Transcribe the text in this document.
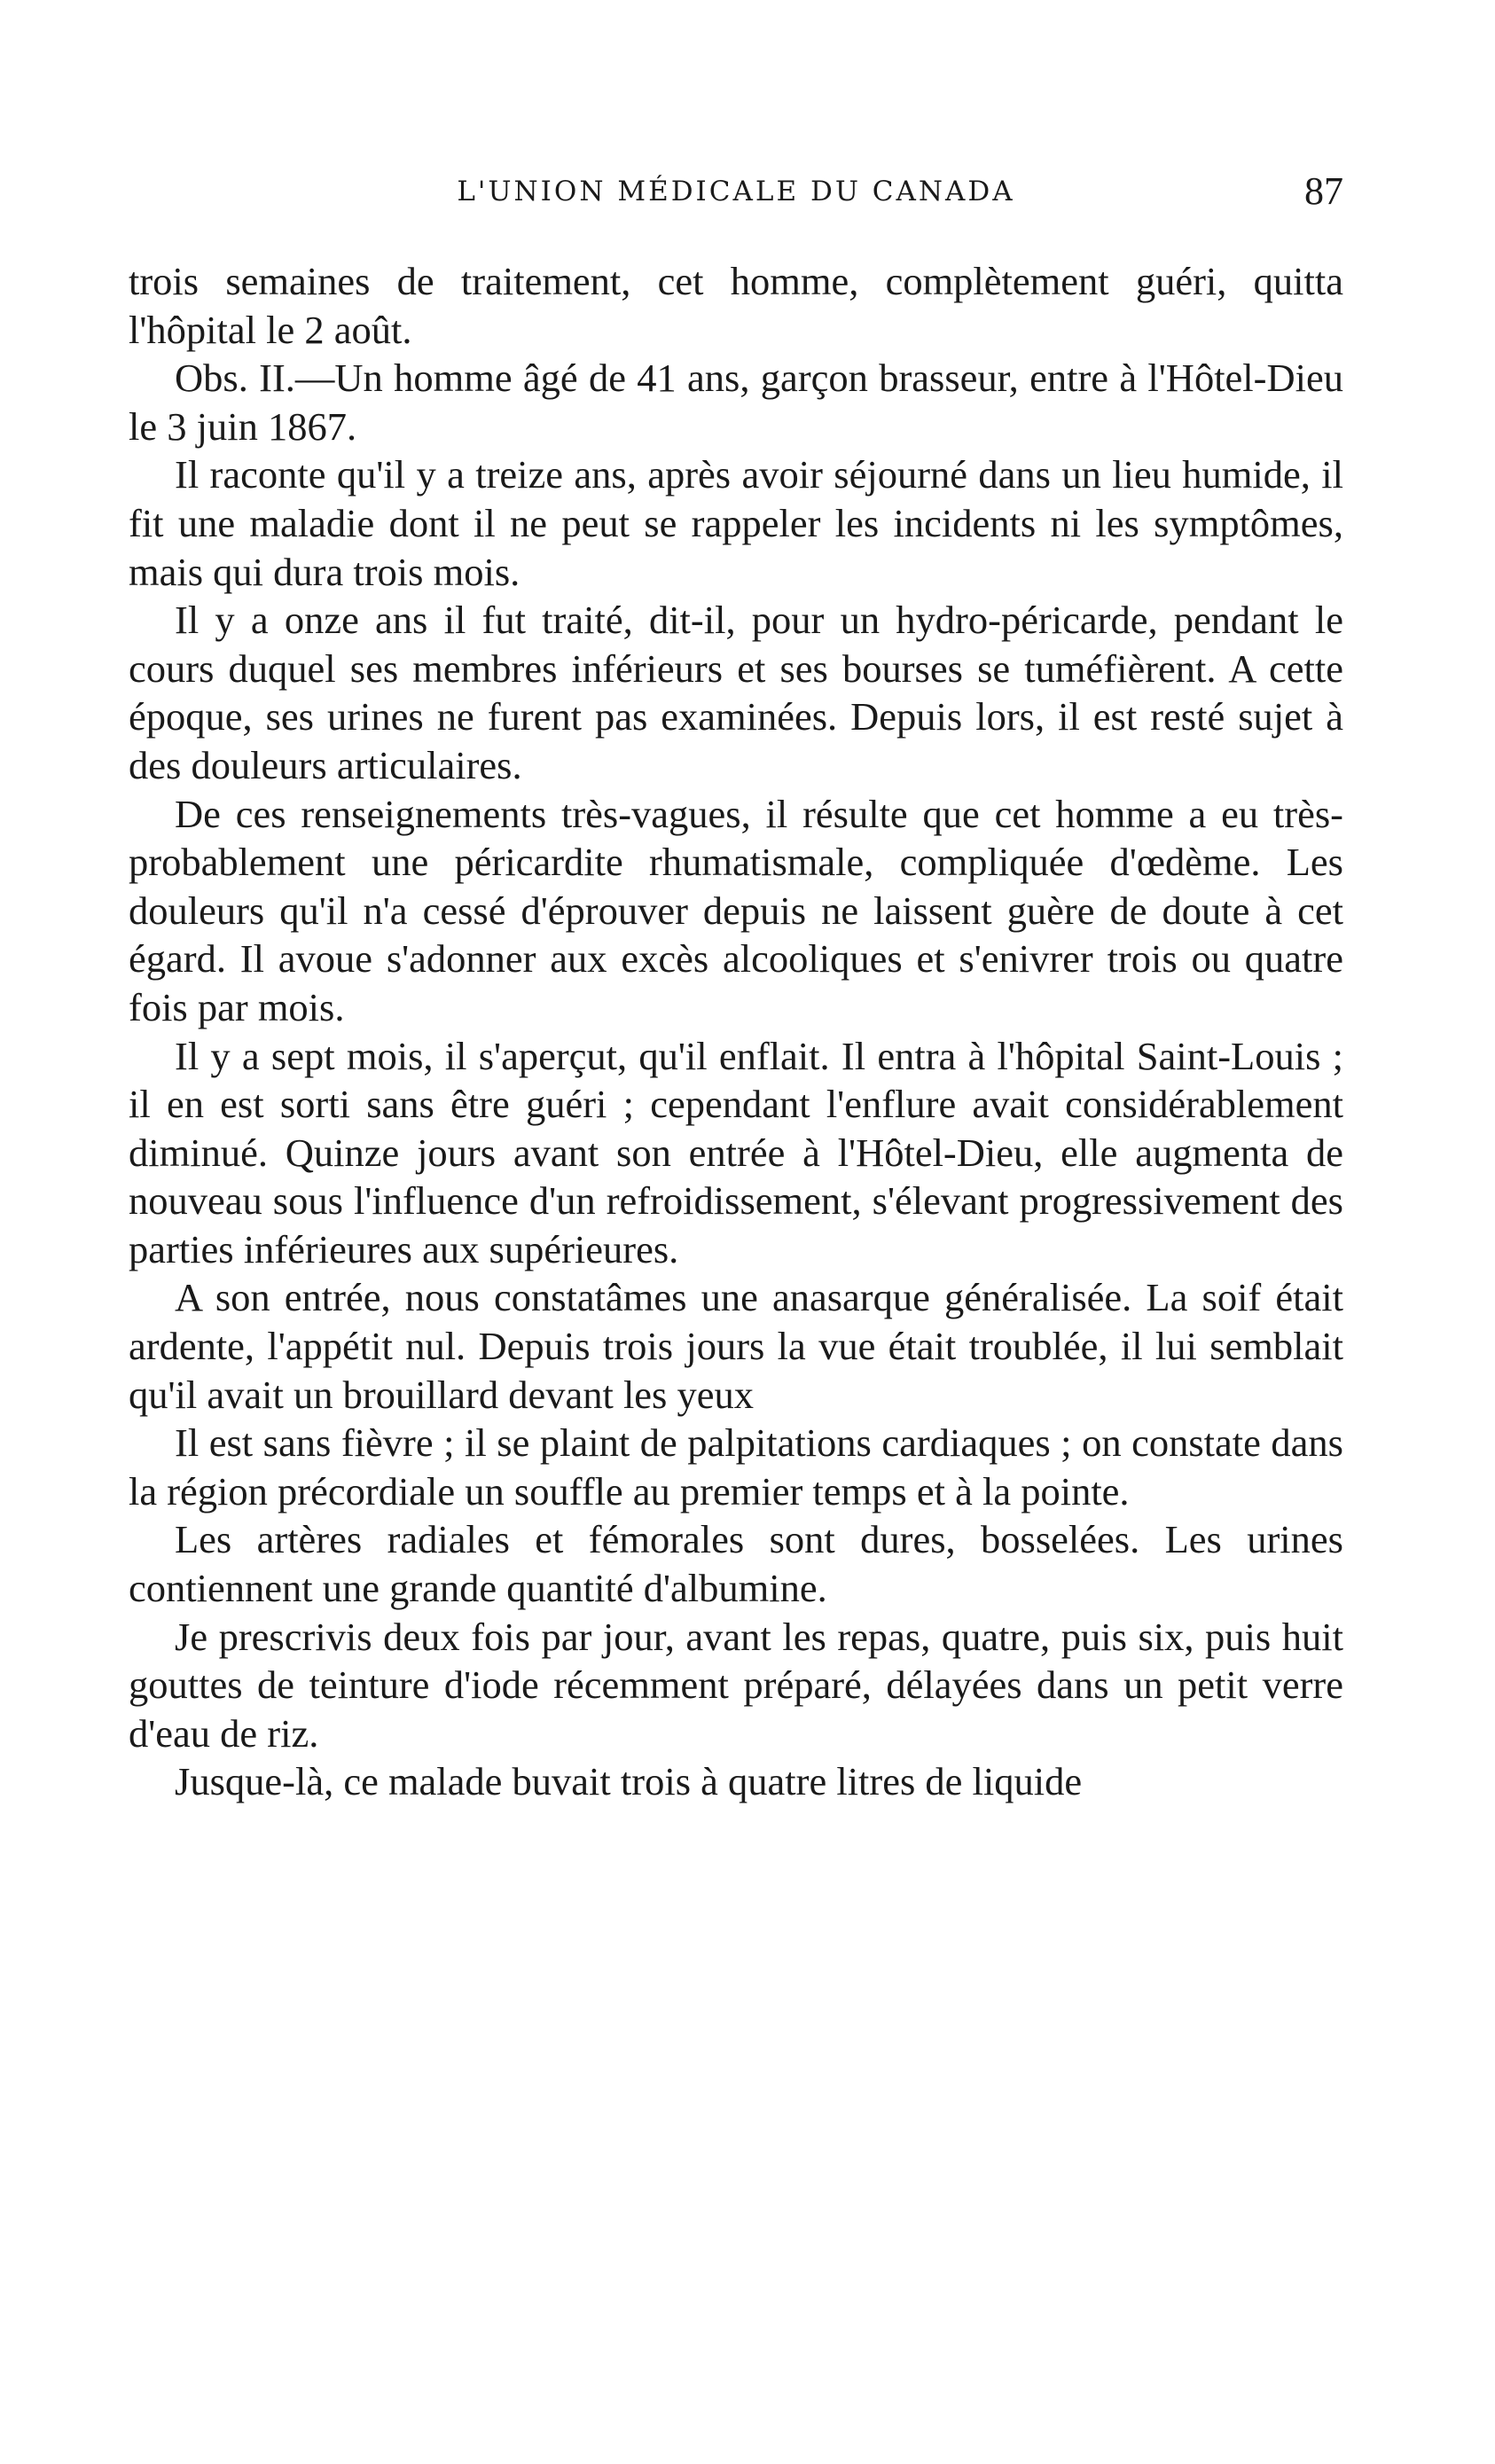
L'UNION MÉDICALE DU CANADA	87

trois semaines de traitement, cet homme, complètement guéri, quitta l'hôpital le 2 août.

Obs. II.—Un homme âgé de 41 ans, garçon brasseur, entre à l'Hôtel-Dieu le 3 juin 1867.

Il raconte qu'il y a treize ans, après avoir séjourné dans un lieu humide, il fit une maladie dont il ne peut se rappeler les incidents ni les symptômes, mais qui dura trois mois.

Il y a onze ans il fut traité, dit-il, pour un hydro-péricarde, pendant le cours duquel ses membres inférieurs et ses bourses se tuméfièrent. A cette époque, ses urines ne furent pas examinées. Depuis lors, il est resté sujet à des douleurs articulaires.

De ces renseignements très-vagues, il résulte que cet homme a eu très-probablement une péricardite rhumatismale, compliquée d'œdème. Les douleurs qu'il n'a cessé d'éprouver depuis ne laissent guère de doute à cet égard. Il avoue s'adonner aux excès alcooliques et s'enivrer trois ou quatre fois par mois.

Il y a sept mois, il s'aperçut, qu'il enflait. Il entra à l'hôpital Saint-Louis ; il en est sorti sans être guéri ; cependant l'enflure avait considérablement diminué. Quinze jours avant son entrée à l'Hôtel-Dieu, elle augmenta de nouveau sous l'influence d'un refroidissement, s'élevant progressivement des parties inférieures aux supérieures.

A son entrée, nous constatâmes une anasarque généralisée. La soif était ardente, l'appétit nul. Depuis trois jours la vue était troublée, il lui semblait qu'il avait un brouillard devant les yeux

Il est sans fièvre ; il se plaint de palpitations cardiaques ; on constate dans la région précordiale un souffle au premier temps et à la pointe.

Les artères radiales et fémorales sont dures, bosselées. Les urines contiennent une grande quantité d'albumine.

Je prescrivis deux fois par jour, avant les repas, quatre, puis six, puis huit gouttes de teinture d'iode récemment préparé, délayées dans un petit verre d'eau de riz.

Jusque-là, ce malade buvait trois à quatre litres de liquide
